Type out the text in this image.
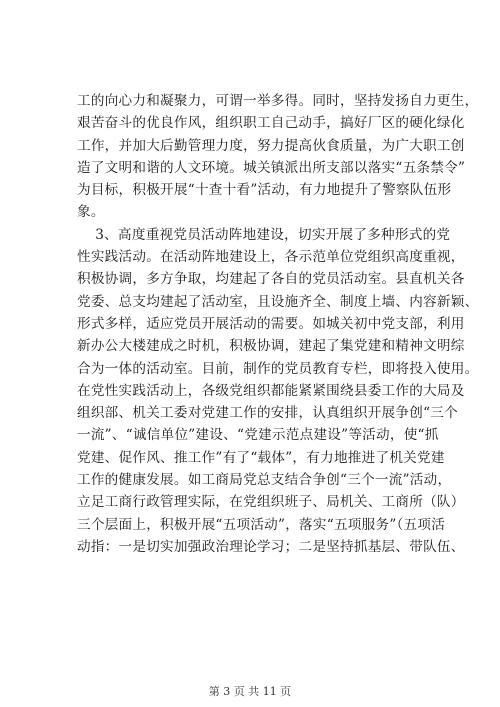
工的向心力和凝聚力，可谓一举多得。同时，坚持发扬自力更生，
艰苦奋斗的优良作风，组织职工自己动手，搞好厂区的硬化绿化
工作，并加大后勤管理力度，努力提高伙食质量，为广大职工创
造了文明和谐的人文环境。城关镇派出所支部以落实“五条禁令”
为目标，积极开展“十查十看”活动，有力地提升了警察队伍形
象。
3、高度重视党员活动阵地建设，切实开展了多种形式的党
性实践活动。在活动阵地建设上，各示范单位党组织高度重视，
积极协调，多方争取，均建起了各自的党员活动室。县直机关各
党委、总支均建起了活动室，且设施齐全、制度上墙、内容新颖、
形式多样，适应党员开展活动的需要。如城关初中党支部，利用
新办公大楼建成之时机，积极协调，建起了集党建和精神文明综
合为一体的活动室。目前，制作的党员教育专栏，即将投入使用。
在党性实践活动上，各级党组织都能紧紧围绕县委工作的大局及
组织部、机关工委对党建工作的安排，认真组织开展争创“三个
一流”、“诚信单位”建设、“党建示范点建设”等活动，使“抓
党建、促作风、推工作”有了“载体”，有力地推进了机关党建
工作的健康发展。如工商局党总支结合争创“三个一流”活动，
立足工商行政管理实际，在党组织班子、局机关、工商所（队）
三个层面上，积极开展“五项活动”，落实“五项服务”（五项活
动指：一是切实加强政治理论学习；二是坚持抓基层、带队伍、
第 3 页 共 11 页
